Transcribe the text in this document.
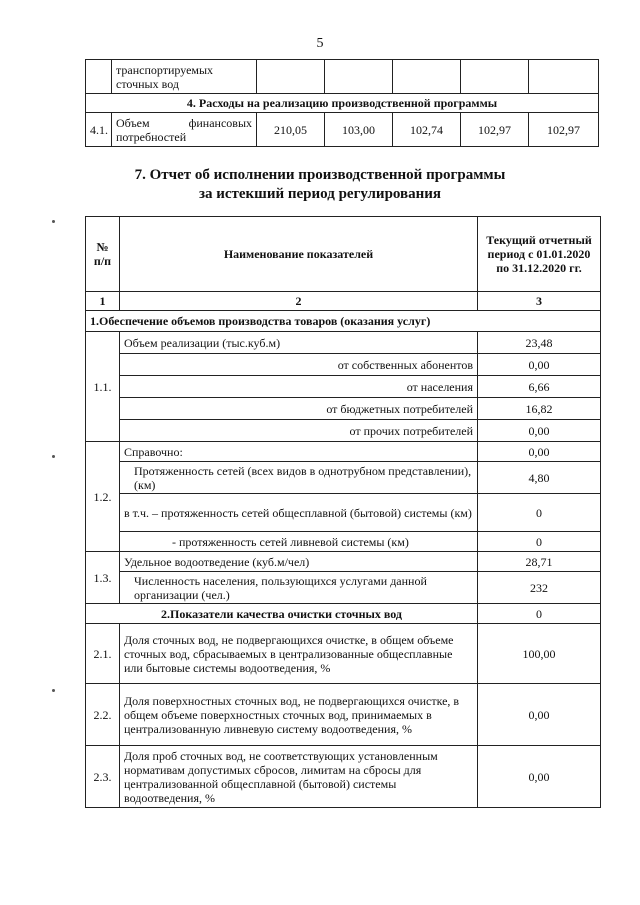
5
	транспортируемых сточных вод					
4. Расходы на реализацию производственной программы						
4.1.	Объем финансовых
потребностей	210,05	103,00	102,74	102,97	102,97
7. Отчет об исполнении производственной программы
за истекший период регулирования
№ п/п	Наименование показателей	Текущий отчетный период с 01.01.2020 по 31.12.2020 гг.
1	2	3
1.Обеспечение объемов производства товаров (оказания услуг)		
1.1.	Объем реализации (тыс.куб.м)	23,48
	от собственных абонентов	0,00
	от населения	6,66
	от бюджетных потребителей	16,82
	от прочих потребителей	0,00
1.2.	Справочно:	0,00
	Протяженность сетей (всех видов в однотрубном представлении), (км)	4,80
	в т.ч. – протяженность сетей общесплавной (бытовой) системы (км)	0
	- протяженность сетей ливневой системы (км)	0
1.3.	Удельное водоотведение (куб.м/чел)	28,71
	Численность населения, пользующихся услугами данной организации (чел.)	232
2.Показатели качества очистки сточных вод		0
2.1.	Доля сточных вод, не подвергающихся очистке, в общем объеме сточных вод, сбрасываемых в централизованные общесплавные или бытовые системы водоотведения, %	100,00
2.2.	Доля поверхностных сточных вод, не подвергающихся очистке, в общем объеме поверхностных сточных вод, принимаемых в централизованную ливневую систему водоотведения, %	0,00
2.3.	Доля проб сточных вод, не соответствующих установленным нормативам допустимых сбросов, лимитам на сбросы для централизованной общесплавной (бытовой) системы водоотведения, %	0,00
